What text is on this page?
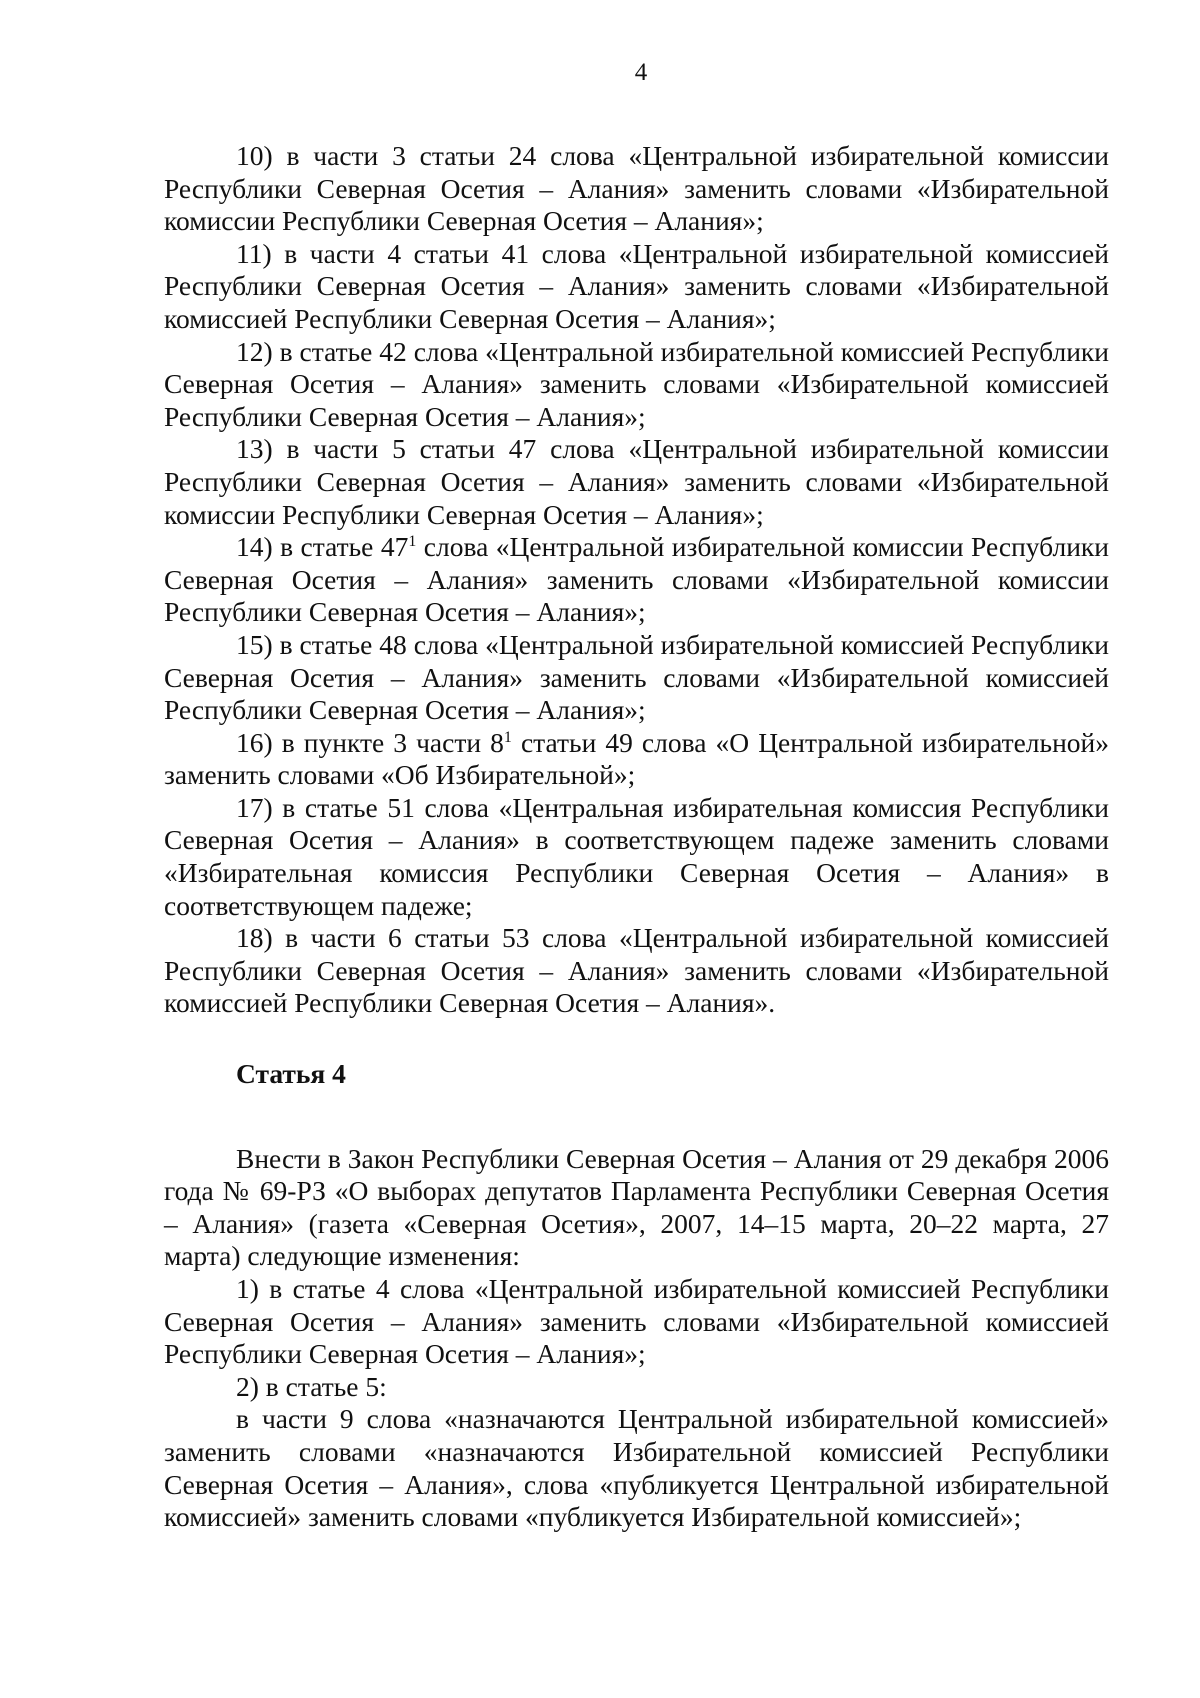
4

10) в части 3 статьи 24 слова «Центральной избирательной комиссии Республики Северная Осетия – Алания» заменить словами «Избирательной комиссии Республики Северная Осетия – Алания»;

11) в части 4 статьи 41 слова «Центральной избирательной комиссией Республики Северная Осетия – Алания» заменить словами «Избирательной комиссией Республики Северная Осетия – Алания»;

12) в статье 42 слова «Центральной избирательной комиссией Республики Северная Осетия – Алания» заменить словами «Избирательной комиссией Республики Северная Осетия – Алания»;

13) в части 5 статьи 47 слова «Центральной избирательной комиссии Республики Северная Осетия – Алания» заменить словами «Избирательной комиссии Республики Северная Осетия – Алания»;

14) в статье $47^1$ слова «Центральной избирательной комиссии Республики Северная Осетия – Алания» заменить словами «Избирательной комиссии Республики Северная Осетия – Алания»;

15) в статье 48 слова «Центральной избирательной комиссией Республики Северная Осетия – Алания» заменить словами «Избирательной комиссией Республики Северная Осетия – Алания»;

16) в пункте 3 части $8^1$ статьи 49 слова «О Центральной избирательной» заменить словами «Об Избирательной»;

17) в статье 51 слова «Центральная избирательная комиссия Республики Северная Осетия – Алания» в соответствующем падеже заменить словами «Избирательная комиссия Республики Северная Осетия – Алания» в соответствующем падеже;

18) в части 6 статьи 53 слова «Центральной избирательной комиссией Республики Северная Осетия – Алания» заменить словами «Избирательной комиссией Республики Северная Осетия – Алания».

Статья 4

Внести в Закон Республики Северная Осетия – Алания от 29 декабря 2006 года № 69-РЗ «О выборах депутатов Парламента Республики Северная Осетия – Алания» (газета «Северная Осетия», 2007, 14–15 марта, 20–22 марта, 27 марта) следующие изменения:

1) в статье 4 слова «Центральной избирательной комиссией Республики Северная Осетия – Алания» заменить словами «Избирательной комиссией Республики Северная Осетия – Алания»;

2) в статье 5:

в части 9 слова «назначаются Центральной избирательной комиссией» заменить словами «назначаются Избирательной комиссией Республики Северная Осетия – Алания», слова «публикуется Центральной избирательной комиссией» заменить словами «публикуется Избирательной комиссией»;
